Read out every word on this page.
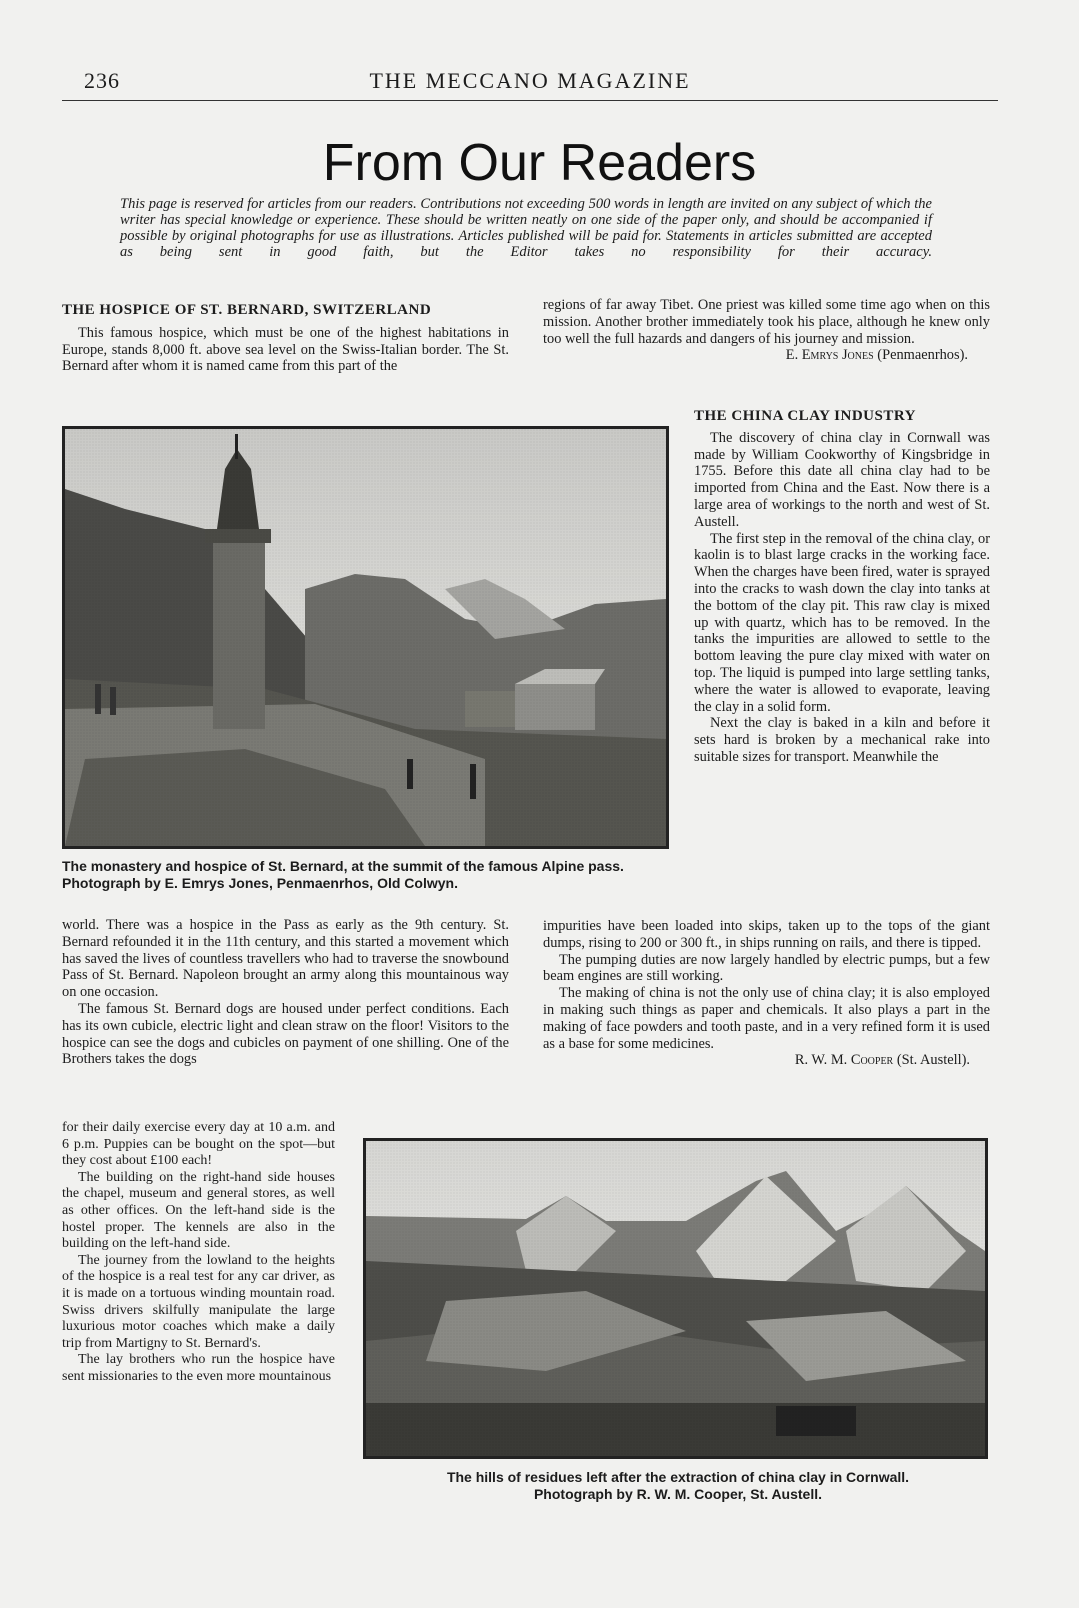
236	THE MECCANO MAGAZINE
From Our Readers
This page is reserved for articles from our readers. Contributions not exceeding 500 words in length are invited on any subject of which the writer has special knowledge or experience. These should be written neatly on one side of the paper only, and should be accompanied if possible by original photographs for use as illustrations. Articles published will be paid for. Statements in articles submitted are accepted as being sent in good faith, but the Editor takes no responsibility for their accuracy.
THE HOSPICE OF ST. BERNARD, SWITZERLAND

This famous hospice, which must be one of the highest habitations in Europe, stands 8,000 ft. above sea level on the Swiss-Italian border. The St. Bernard after whom it is named came from this part of the

regions of far away Tibet. One priest was killed some time ago when on this mission. Another brother immediately took his place, although he knew only too well the full hazards and dangers of his journey and mission.

E. Emrys Jones (Penmaenrhos).
The monastery and hospice of St. Bernard, at the summit of the famous Alpine pass. Photograph by E. Emrys Jones, Penmaenrhos, Old Colwyn.
THE CHINA CLAY INDUSTRY

The discovery of china clay in Cornwall was made by William Cookworthy of Kingsbridge in 1755. Before this date all china clay had to be imported from China and the East. Now there is a large area of workings to the north and west of St. Austell.

The first step in the removal of the china clay, or kaolin is to blast large cracks in the working face. When the charges have been fired, water is sprayed into the cracks to wash down the clay into tanks at the bottom of the clay pit. This raw clay is mixed up with quartz, which has to be removed. In the tanks the impurities are allowed to settle to the bottom leaving the pure clay mixed with water on top. The liquid is pumped into large settling tanks, where the water is allowed to evaporate, leaving the clay in a solid form.

Next the clay is baked in a kiln and before it sets hard is broken by a mechanical rake into suitable sizes for transport. Meanwhile the

world. There was a hospice in the Pass as early as the 9th century. St. Bernard refounded it in the 11th century, and this started a movement which has saved the lives of countless travellers who had to traverse the snowbound Pass of St. Bernard. Napoleon brought an army along this mountainous way on one occasion.

The famous St. Bernard dogs are housed under perfect conditions. Each has its own cubicle, electric light and clean straw on the floor! Visitors to the hospice can see the dogs and cubicles on payment of one shilling. One of the Brothers takes the dogs

for their daily exercise every day at 10 a.m. and 6 p.m. Puppies can be bought on the spot—but they cost about £100 each!

The building on the right-hand side houses the chapel, museum and general stores, as well as other offices. On the left-hand side is the hostel proper. The kennels are also in the building on the left-hand side.

The journey from the lowland to the heights of the hospice is a real test for any car driver, as it is made on a tortuous winding mountain road. Swiss drivers skilfully manipulate the large luxurious motor coaches which make a daily trip from Martigny to St. Bernard's.

The lay brothers who run the hospice have sent missionaries to the even more mountainous

impurities have been loaded into skips, taken up to the tops of the giant dumps, rising to 200 or 300 ft., in ships running on rails, and there is tipped.

The pumping duties are now largely handled by electric pumps, but a few beam engines are still working.

The making of china is not the only use of china clay; it is also employed in making such things as paper and chemicals. It also plays a part in the making of face powders and tooth paste, and in a very refined form it is used as a base for some medicines.

R. W. M. Cooper (St. Austell).
The hills of residues left after the extraction of china clay in Cornwall.
Photograph by R. W. M. Cooper, St. Austell.
